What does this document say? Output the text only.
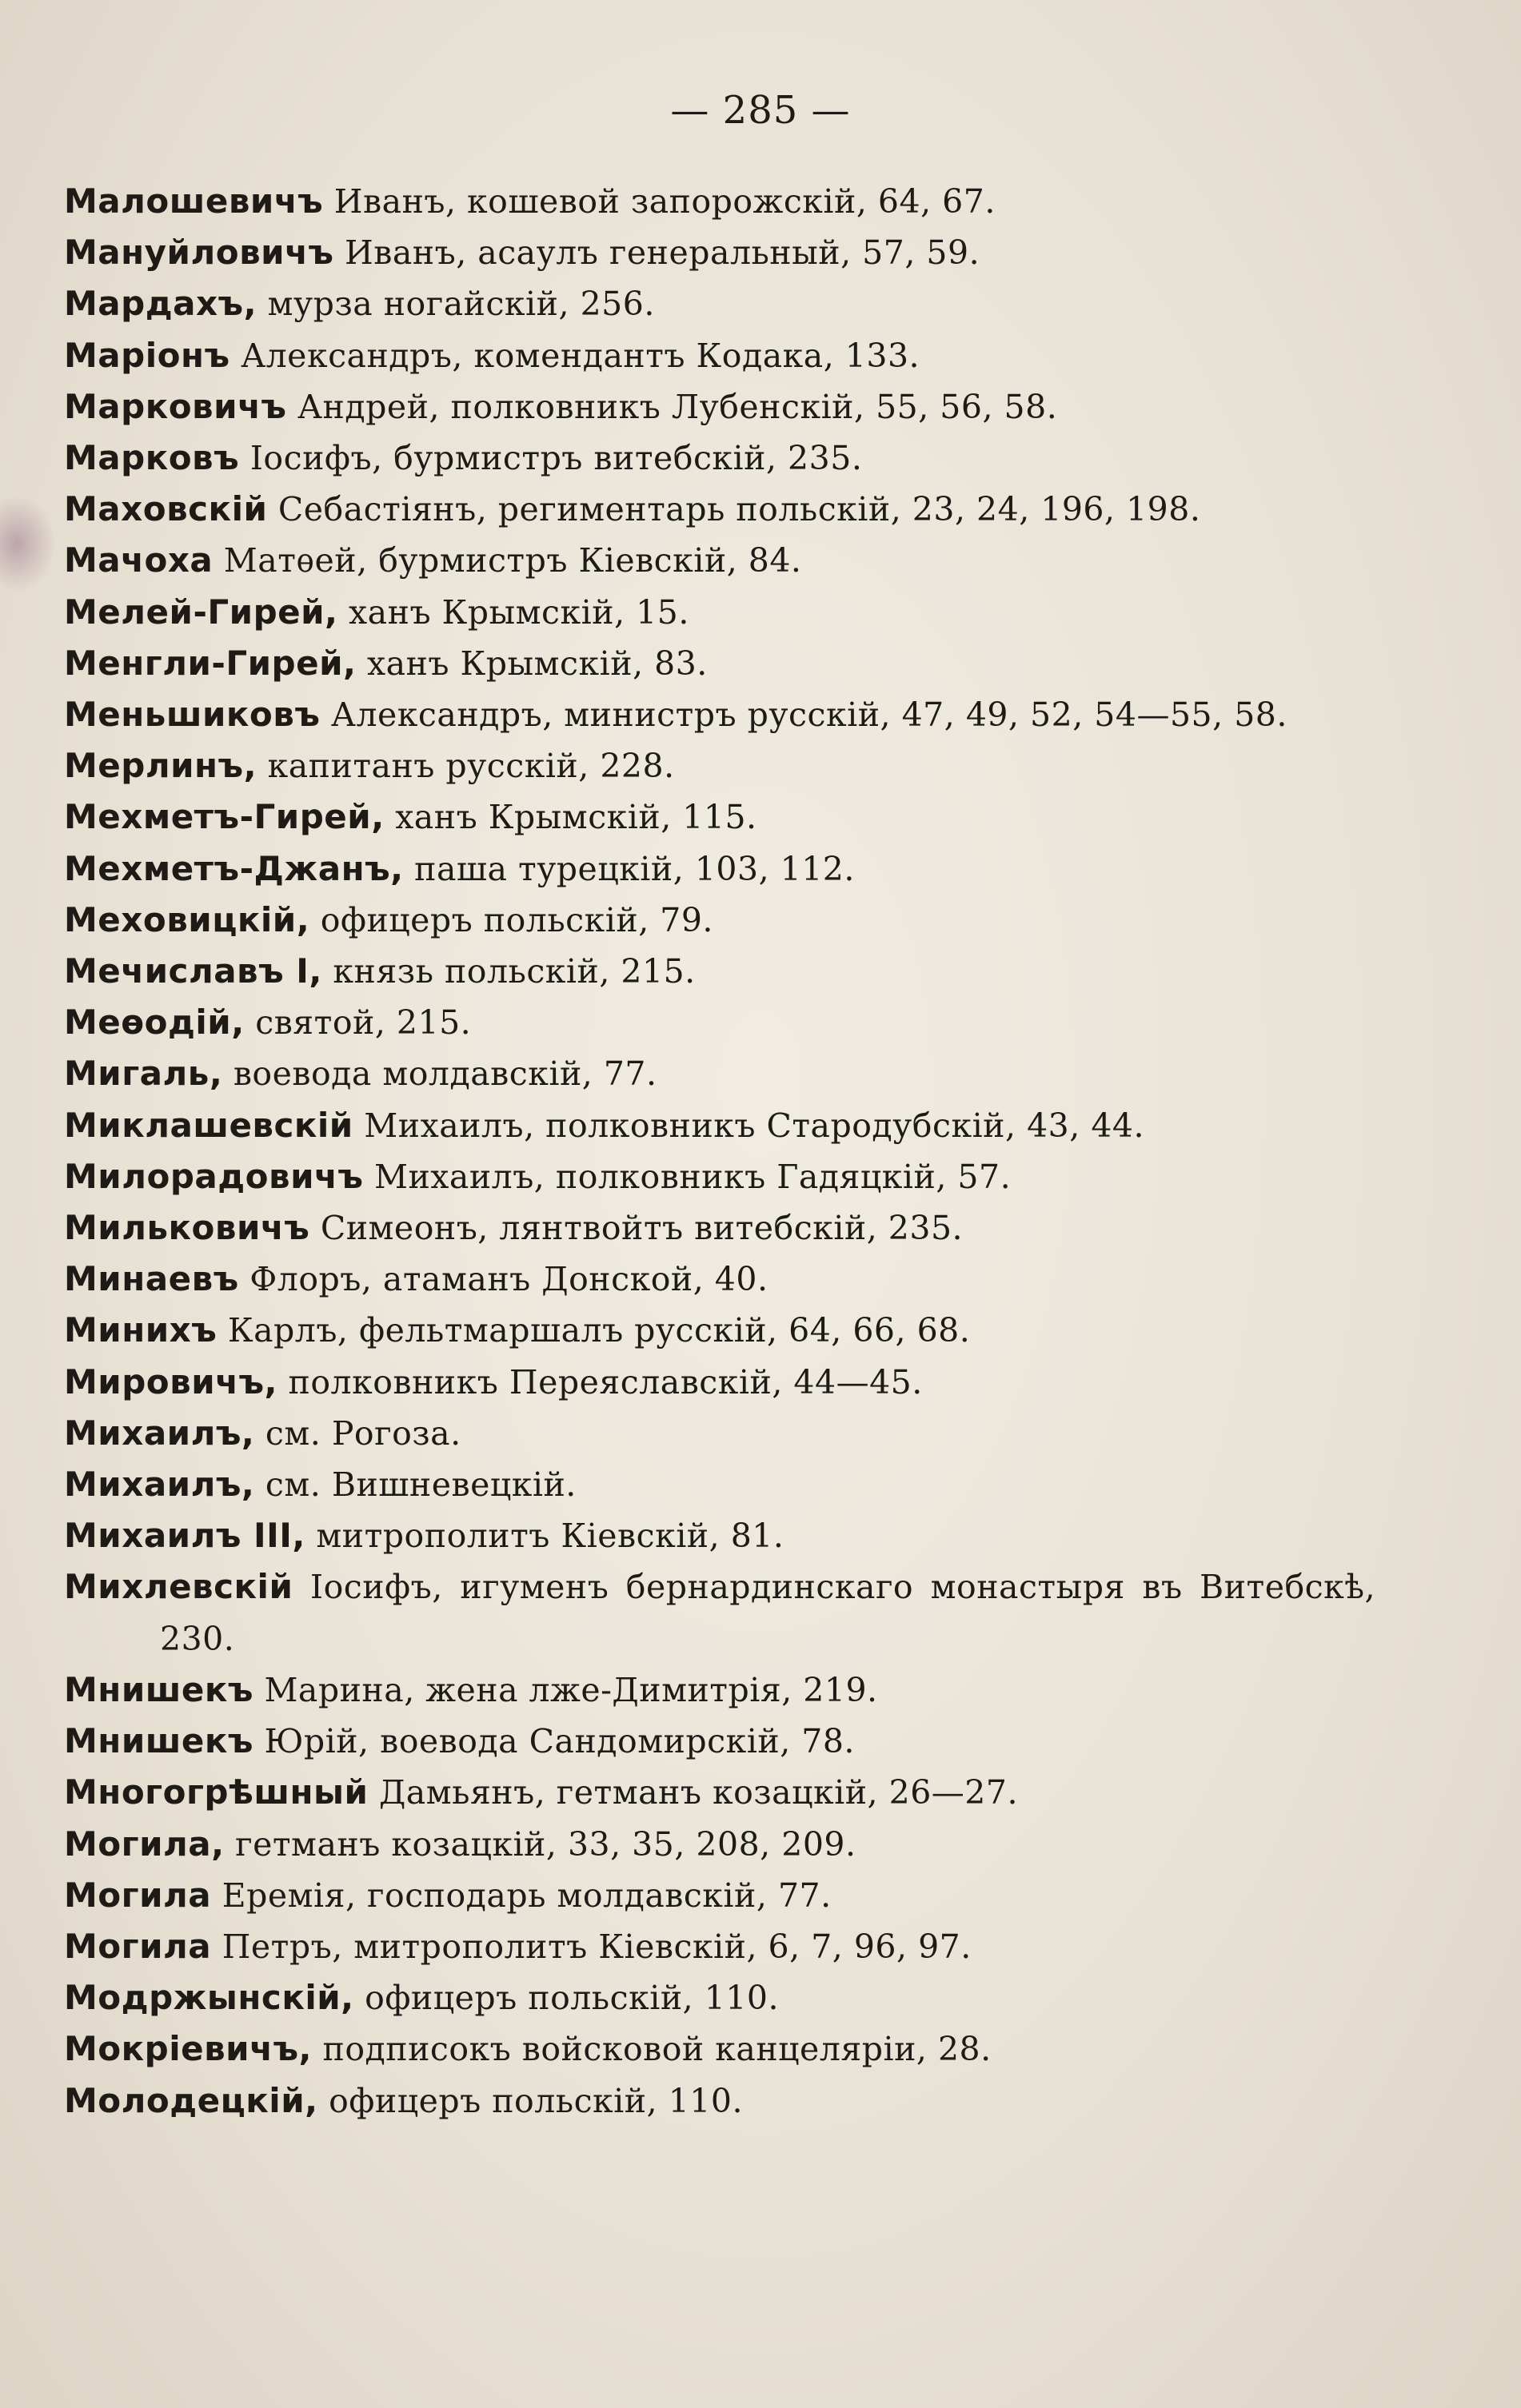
— 285 —
Малошевичъ Иванъ, кошевой запорожскій, 64, 67.
Мануйловичъ Иванъ, асаулъ генеральный, 57, 59.
Мардахъ, мурза ногайскій, 256.
Маріонъ Александръ, комендантъ Кодака, 133.
Марковичъ Андрей, полковникъ Лубенскій, 55, 56, 58.
Марковъ Іосифъ, бурмистръ витебскій, 235.
Маховскій Себастіянъ, региментарь польскій, 23, 24, 196, 198.
Мачоха Матѳей, бурмистръ Кіевскій, 84.
Мелей-Гирей, ханъ Крымскій, 15.
Менгли-Гирей, ханъ Крымскій, 83.
Меньшиковъ Александръ, министръ русскій, 47, 49, 52, 54—55, 58.
Мерлинъ, капитанъ русскій, 228.
Мехметъ-Гирей, ханъ Крымскій, 115.
Мехметъ-Джанъ, паша турецкій, 103, 112.
Меховицкій, офицеръ польскій, 79.
Мечиславъ I, князь польскій, 215.
Меѳодій, святой, 215.
Мигаль, воевода молдавскій, 77.
Миклашевскій Михаилъ, полковникъ Стародубскій, 43, 44.
Милорадовичъ Михаилъ, полковникъ Гадяцкій, 57.
Мильковичъ Симеонъ, лянтвойтъ витебскій, 235.
Минаевъ Флоръ, атаманъ Донской, 40.
Минихъ Карлъ, фельтмаршалъ русскій, 64, 66, 68.
Мировичъ, полковникъ Переяславскій, 44—45.
Михаилъ, см. Рогоза.
Михаилъ, см. Вишневецкій.
Михаилъ III, митрополитъ Кіевскій, 81.
Михлевскій Іосифъ, игуменъ бернардинскаго монастыря въ Витебскѣ, 230.
Мнишекъ Марина, жена лже-Димитрія, 219.
Мнишекъ Юрій, воевода Сандомирскій, 78.
Многогрѣшный Дамьянъ, гетманъ козацкій, 26—27.
Могила, гетманъ козацкій, 33, 35, 208, 209.
Могила Еремія, господарь молдавскій, 77.
Могила Петръ, митрополитъ Кіевскій, 6, 7, 96, 97.
Модржынскій, офицеръ польскій, 110.
Мокріевичъ, подписокъ войсковой канцеляріи, 28.
Молодецкій, офицеръ польскій, 110.
